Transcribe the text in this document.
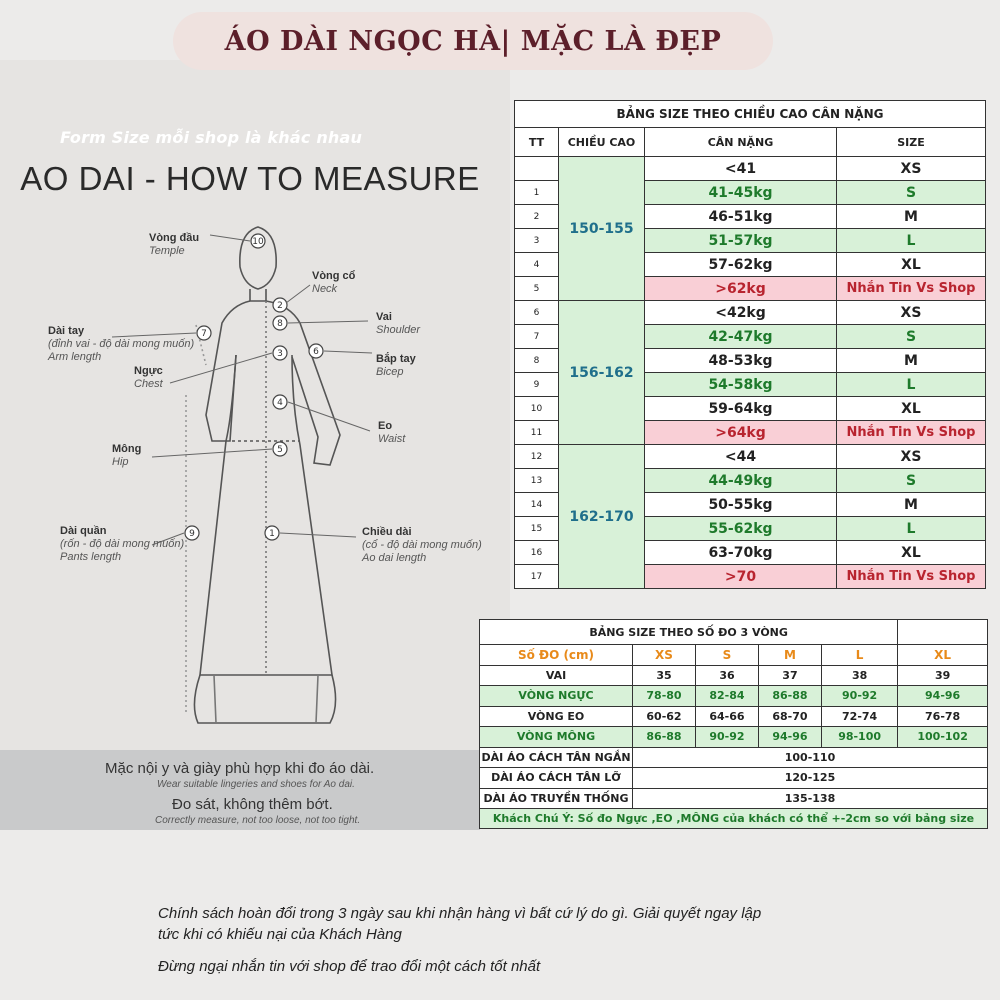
ÁO DÀI NGỌC HÀ| MẶC LÀ ĐẸP
Form Size mỗi shop là khác nhau
AO DAI - HOW TO MEASURE
10
2
8
7
6
3
4
5
9	1
Vòng đầu
Temple
Vòng cổ
Neck
Vai
Shoulder
Dài tay
(đỉnh vai - độ dài mong muốn)
Arm length	Bắp tay
Bicep
Ngực
Chest
Eo
Waist
Mông
Hip
Dài quần
(rốn - độ dài mong muốn)
Pants length
Chiều dài
(cổ - độ dài mong muốn)
Ao dai length
Mặc nội y và giày phù hợp khi đo áo dài.
Wear suitable lingeries and shoes for Ao dai.
Đo sát, không thêm bớt.
Correctly measure, not too loose, not too tight.
BẢNG SIZE THEO CHIỀU CAO CÂN NẶNG			
TT	CHIỀU CAO	CÂN NẶNG	SIZE
	150-155	<41	XS
1		41-45kg	S
2		46-51kg	M
3		51-57kg	L
4		57-62kg	XL
5		>62kg	Nhắn Tin Vs Shop
6	156-162	<42kg	XS
7		42-47kg	S
8		48-53kg	M
9		54-58kg	L
10		59-64kg	XL
11		>64kg	Nhắn Tin Vs Shop
12	162-170	<44	XS
13		44-49kg	S
14		50-55kg	M
15		55-62kg	L
16		63-70kg	XL
17		>70	Nhắn Tin Vs Shop
BẢNG SIZE THEO SỐ ĐO 3 VÒNG					
Số ĐO (cm)	XS	S	M	L	XL
VAI	35	36	37	38	39
VÒNG NGỰC	78-80	82-84	86-88	90-92	94-96
VÒNG EO	60-62	64-66	68-70	72-74	76-78
VÒNG MÔNG	86-88	90-92	94-96	98-100	100-102
DÀI ÁO CÁCH TÂN NGẮN	100-110				
DÀI ÁO CÁCH TÂN LỠ	120-125				
DÀI ÁO TRUYỀN THỐNG	135-138				
Khách Chú Ý: Số đo Ngực ,EO ,MÔNG của khách có thể +-2cm so với bảng size					
Chính sách hoàn đổi trong 3 ngày sau khi nhận hàng vì bất cứ lý do gì. Giải quyết ngay lập
tức khi có khiếu nại của Khách Hàng
Đừng ngại nhắn tin với shop để trao đổi một cách tốt nhất
